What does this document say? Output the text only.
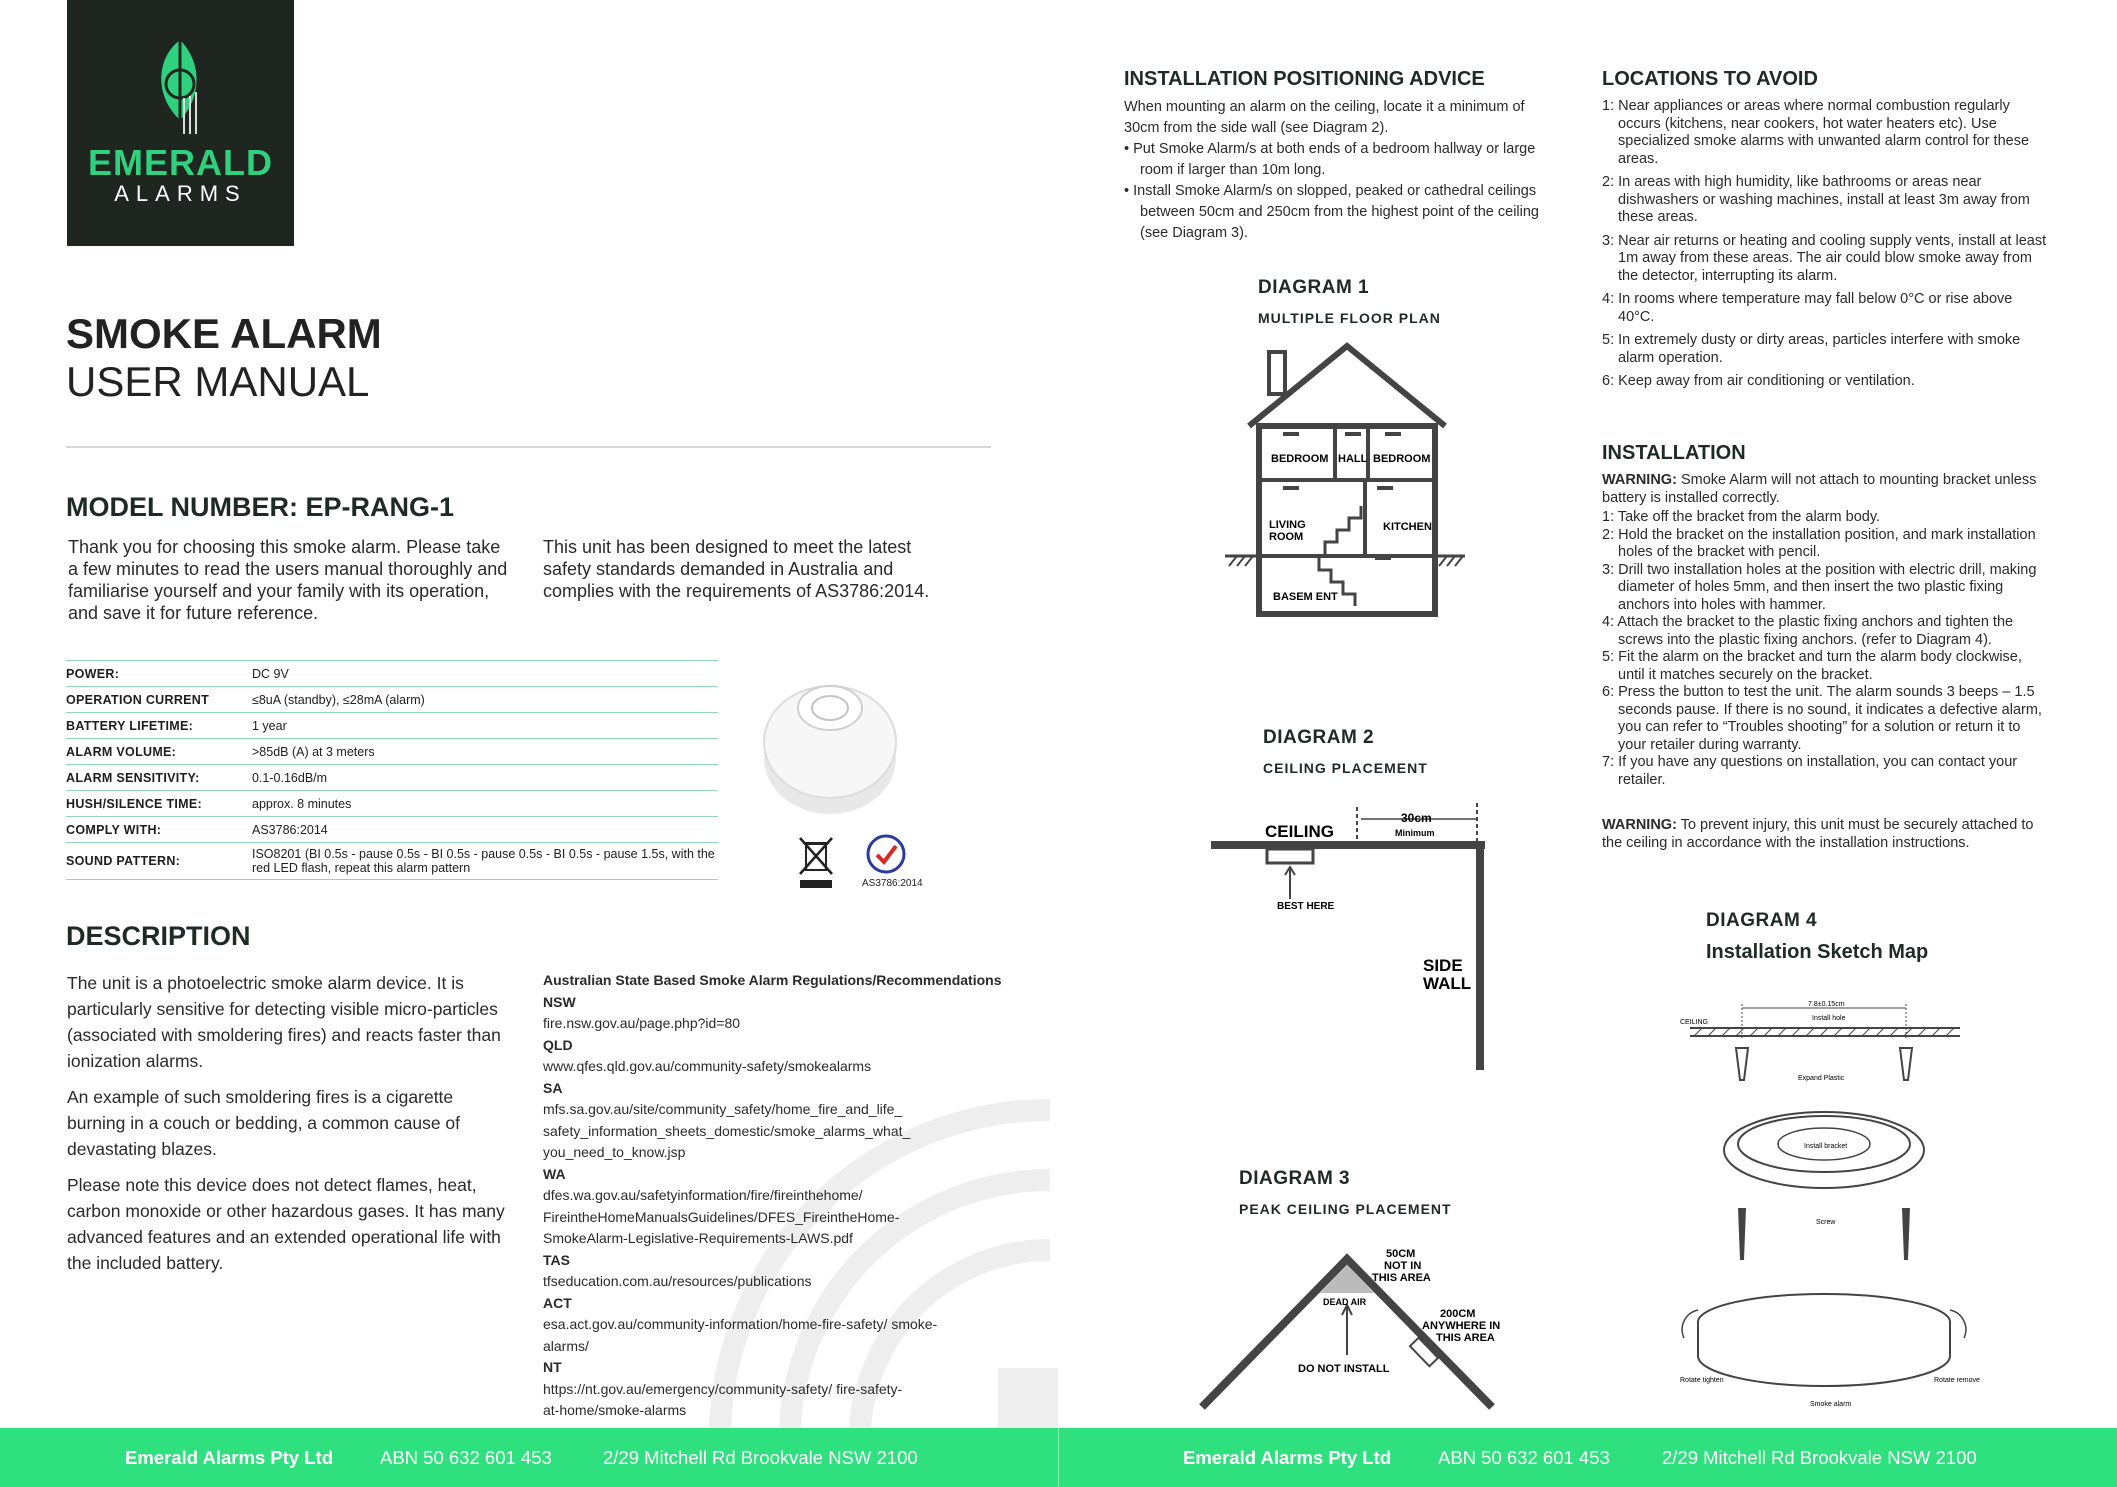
EMERALD
ALARMS
SMOKE ALARM
USER MANUAL
MODEL NUMBER: EP-RANG-1
Thank you for choosing this smoke alarm. Please take a few minutes to read the users manual thoroughly and familiarise yourself and your family with its operation, and save it for future reference.
This unit has been designed to meet the latest safety standards demanded in Australia and complies with the requirements of AS3786:2014.
POWER:	DC 9V
OPERATION CURRENT	≤8uA (standby), ≤28mA (alarm)
BATTERY LIFETIME:	1 year
ALARM VOLUME:	>85dB (A) at 3 meters
ALARM SENSITIVITY:	0.1-0.16dB/m
HUSH/SILENCE TIME:	approx. 8 minutes
COMPLY WITH:	AS3786:2014
SOUND PATTERN:	ISO8201 (BI 0.5s - pause 0.5s - BI 0.5s - pause 0.5s - BI 0.5s - pause 1.5s, with the red LED flash, repeat this alarm pattern
AS3786:2014
DESCRIPTION

The unit is a photoelectric smoke alarm device. It is particularly sensitive for detecting visible micro-particles (associated with smoldering fires) and reacts faster than ionization alarms.

An example of such smoldering fires is a cigarette burning in a couch or bedding, a common cause of devastating blazes.

Please note this device does not detect flames, heat, carbon monoxide or other hazardous gases. It has many advanced features and an extended operational life with the included battery.

Australian State Based Smoke Alarm Regulations/Recommendations
NSW
fire.nsw.gov.au/page.php?id=80
QLD
www.qfes.qld.gov.au/community-safety/smokealarms
SA
mfs.sa.gov.au/site/community_safety/home_fire_and_life_ safety_information_sheets_domestic/smoke_alarms_what_ you_need_to_know.jsp
WA
dfes.wa.gov.au/safetyinformation/fire/fireinthehome/ FireintheHomeManualsGuidelines/DFES_FireintheHome-SmokeAlarm-Legislative-Requirements-LAWS.pdf
TAS
tfseducation.com.au/resources/publications
ACT
esa.act.gov.au/community-information/home-fire-safety/ smoke-alarms/
NT
https://nt.gov.au/emergency/community-safety/ fire-safety-at-home/smoke-alarms
INSTALLATION POSITIONING ADVICE
When mounting an alarm on the ceiling, locate it a minimum of 30cm from the side wall (see Diagram 2).
• Put Smoke Alarm/s at both ends of a bedroom hallway or large room if larger than 10m long.
• Install Smoke Alarm/s on slopped, peaked or cathedral ceilings between 50cm and 250cm from the highest point of the ceiling (see Diagram 3).
LOCATIONS TO AVOID
1: Near appliances or areas where normal combustion regularly occurs (kitchens, near cookers, hot water heaters etc). Use specialized smoke alarms with unwanted alarm control for these areas.
2: In areas with high humidity, like bathrooms or areas near dishwashers or washing machines, install at least 3m away from these areas.
3: Near air returns or heating and cooling supply vents, install at least 1m away from these areas. The air could blow smoke away from the detector, interrupting its alarm.
4: In rooms where temperature may fall below 0°C or rise above 40°C.
5: In extremely dusty or dirty areas, particles interfere with smoke alarm operation.
6: Keep away from air conditioning or ventilation.
INSTALLATION
WARNING: Smoke Alarm will not attach to mounting bracket unless battery is installed correctly.
1: Take off the bracket from the alarm body.
2: Hold the bracket on the installation position, and mark installation holes of the bracket with pencil.
3: Drill two installation holes at the position with electric drill, making diameter of holes 5mm, and then insert the two plastic fixing anchors into holes with hammer.
4: Attach the bracket to the plastic fixing anchors and tighten the screws into the plastic fixing anchors. (refer to Diagram 4).
5: Fit the alarm on the bracket and turn the alarm body clockwise, until it matches securely on the bracket.
6: Press the button to test the unit. The alarm sounds 3 beeps – 1.5 seconds pause. If there is no sound, it indicates a defective alarm, you can refer to “Troubles shooting” for a solution or return it to your retailer during warranty.
7: If you have any questions on installation, you can contact your retailer.
WARNING: To prevent injury, this unit must be securely attached to the ceiling in accordance with the installation instructions.
DIAGRAM 1
MULTIPLE FLOOR PLAN
BEDROOM HALL BEDROOM
LIVING
ROOM
KITCHEN
BASEM ENT
DIAGRAM 2
CEILING PLACEMENT
CEILING
30cm
Minimum
BEST HERE
SIDE
WALL
DIAGRAM 3
PEAK CEILING PLACEMENT
50CM
NOT IN
THIS AREA
DEAD AIR
200CM
ANYWHERE IN
THIS AREA
DO NOT INSTALL
DIAGRAM 4
Installation Sketch Map
CEILING
7.8±0.15cm
Install hole
Expand Plastic
Install bracket
Screw
Rotate tighten	Rotate remove
Smoke alarm
Emerald Alarms Pty Ltd	ABN 50 632 601 453	2/29 Mitchell Rd Brookvale NSW 2100	Emerald Alarms Pty Ltd	ABN 50 632 601 453	2/29 Mitchell Rd Brookvale NSW 2100
